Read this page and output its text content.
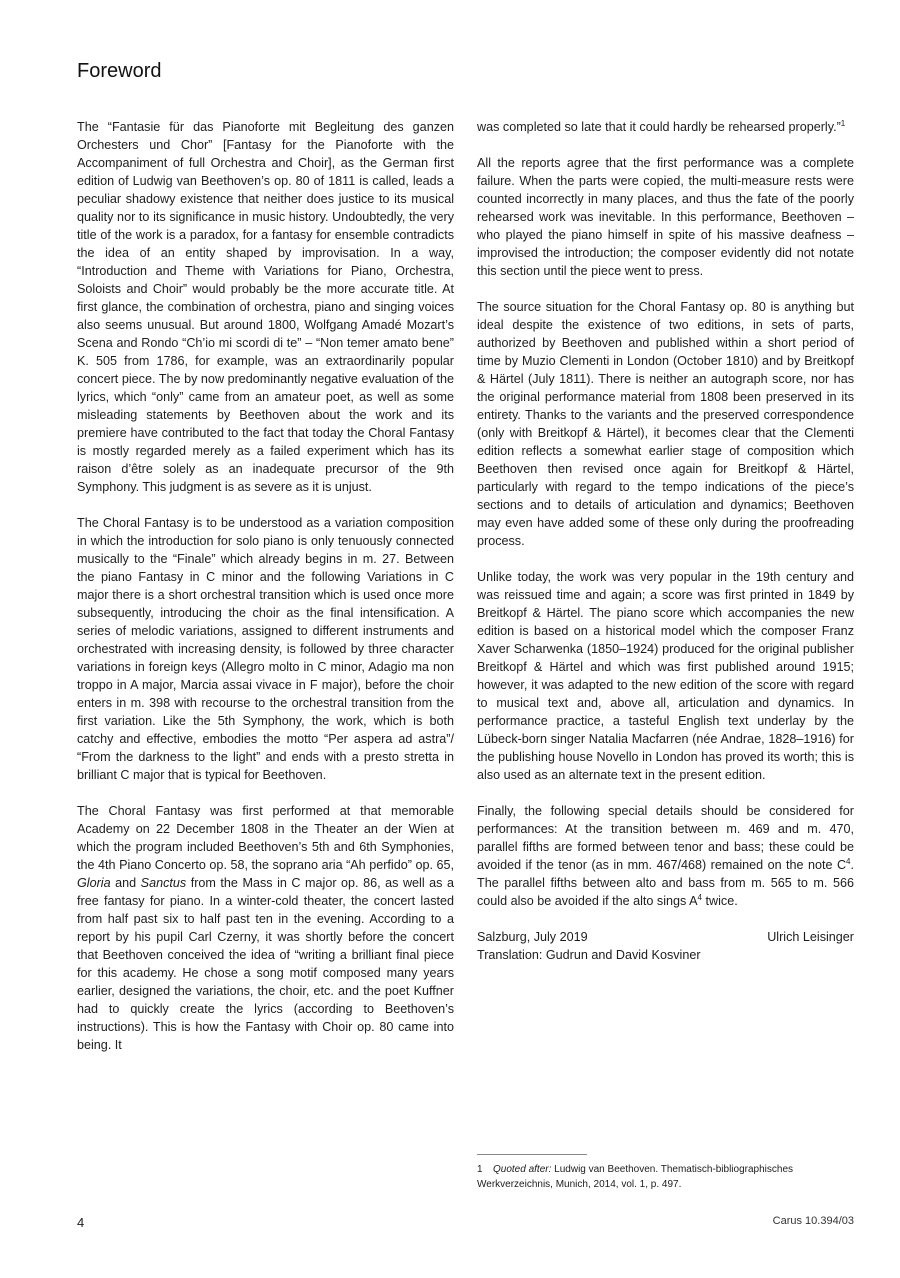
Foreword

The “Fantasie für das Pianoforte mit Begleitung des ganzen Orchesters und Chor” [Fantasy for the Pianoforte with the Accompaniment of full Orchestra and Choir], as the German first edition of Ludwig van Beethoven’s op. 80 of 1811 is called, leads a peculiar shadowy existence that neither does justice to its musical quality nor to its significance in music history. Undoubtedly, the very title of the work is a paradox, for a fantasy for ensemble contradicts the idea of an entity shaped by improvisation. In a way, “Introduction and Theme with Variations for Piano, Orchestra, Soloists and Choir” would probably be the more accurate title. At first glance, the combination of orchestra, piano and singing voices also seems unusual. But around 1800, Wolfgang Amadé Mozart’s Scena and Rondo “Ch’io mi scordi di te” – “Non temer amato bene” K. 505 from 1786, for example, was an extraordinarily popular concert piece. The by now predominantly negative evaluation of the lyrics, which “only” came from an amateur poet, as well as some misleading statements by Beethoven about the work and its premiere have contributed to the fact that today the Choral Fantasy is mostly regarded merely as a failed experiment which has its raison d’être solely as an inadequate precursor of the 9th Symphony. This judgment is as severe as it is unjust.

The Choral Fantasy is to be understood as a variation composition in which the introduction for solo piano is only tenuously connected musically to the “Finale” which already begins in m. 27. Between the piano Fantasy in C minor and the following Variations in C major there is a short orchestral transition which is used once more subsequently, introducing the choir as the final intensification. A series of melodic variations, assigned to different instruments and orchestrated with increasing density, is followed by three character variations in foreign keys (Allegro molto in C minor, Adagio ma non troppo in A major, Marcia assai vivace in F major), before the choir enters in m. 398 with recourse to the orchestral transition from the first variation. Like the 5th Symphony, the work, which is both catchy and effective, embodies the motto “Per aspera ad astra”/ “From the darkness to the light” and ends with a presto stretta in brilliant C major that is typical for Beethoven.

The Choral Fantasy was first performed at that memorable Academy on 22 December 1808 in the Theater an der Wien at which the program included Beethoven’s 5th and 6th Symphonies, the 4th Piano Concerto op. 58, the soprano aria “Ah perfido” op. 65, Gloria and Sanctus from the Mass in C major op. 86, as well as a free fantasy for piano. In a winter-cold theater, the concert lasted from half past six to half past ten in the evening. According to a report by his pupil Carl Czerny, it was shortly before the concert that Beethoven conceived the idea of “writing a brilliant final piece for this academy. He chose a song motif composed many years earlier, designed the variations, the choir, etc. and the poet Kuffner had to quickly create the lyrics (according to Beethoven’s instructions). This is how the Fantasy with Choir op. 80 came into being. It

was completed so late that it could hardly be rehearsed properly.”$^1$

All the reports agree that the first performance was a complete failure. When the parts were copied, the multi-measure rests were counted incorrectly in many places, and thus the fate of the poorly rehearsed work was inevitable. In this performance, Beethoven – who played the piano himself in spite of his massive deafness – improvised the introduction; the composer evidently did not notate this section until the piece went to press.

The source situation for the Choral Fantasy op. 80 is anything but ideal despite the existence of two editions, in sets of parts, authorized by Beethoven and published within a short period of time by Muzio Clementi in London (October 1810) and by Breitkopf & Härtel (July 1811). There is neither an autograph score, nor has the original performance material from 1808 been preserved in its entirety. Thanks to the variants and the preserved correspondence (only with Breitkopf & Härtel), it becomes clear that the Clementi edition reflects a somewhat earlier stage of composition which Beethoven then revised once again for Breitkopf & Härtel, particularly with regard to the tempo indications of the piece’s sections and to details of articulation and dynamics; Beethoven may even have added some of these only during the proofreading process.

Unlike today, the work was very popular in the 19th century and was reissued time and again; a score was first printed in 1849 by Breitkopf & Härtel. The piano score which accompanies the new edition is based on a historical model which the composer Franz Xaver Scharwenka (1850–1924) produced for the original publisher Breitkopf & Härtel and which was first published around 1915; however, it was adapted to the new edition of the score with regard to musical text and, above all, articulation and dynamics. In performance practice, a tasteful English text underlay by the Lübeck-born singer Natalia Macfarren (née Andrae, 1828–1916) for the publishing house Novello in London has proved its worth; this is also used as an alternate text in the present edition.

Finally, the following special details should be considered for performances: At the transition between m. 469 and m. 470, parallel fifths are formed between tenor and bass; these could be avoided if the tenor (as in mm. 467/468) remained on the note $C^4$. The parallel fifths between alto and bass from m. 565 to m. 566 could also be avoided if the alto sings $A^4$ twice.

Salzburg, July 2019	Ulrich Leisinger
Translation: Gudrun and David Kosviner
1 Quoted after: Ludwig van Beethoven. Thematisch-bibliographisches Werkverzeichnis, Munich, 2014, vol. 1, p. 497.
4	Carus 10.394/03
